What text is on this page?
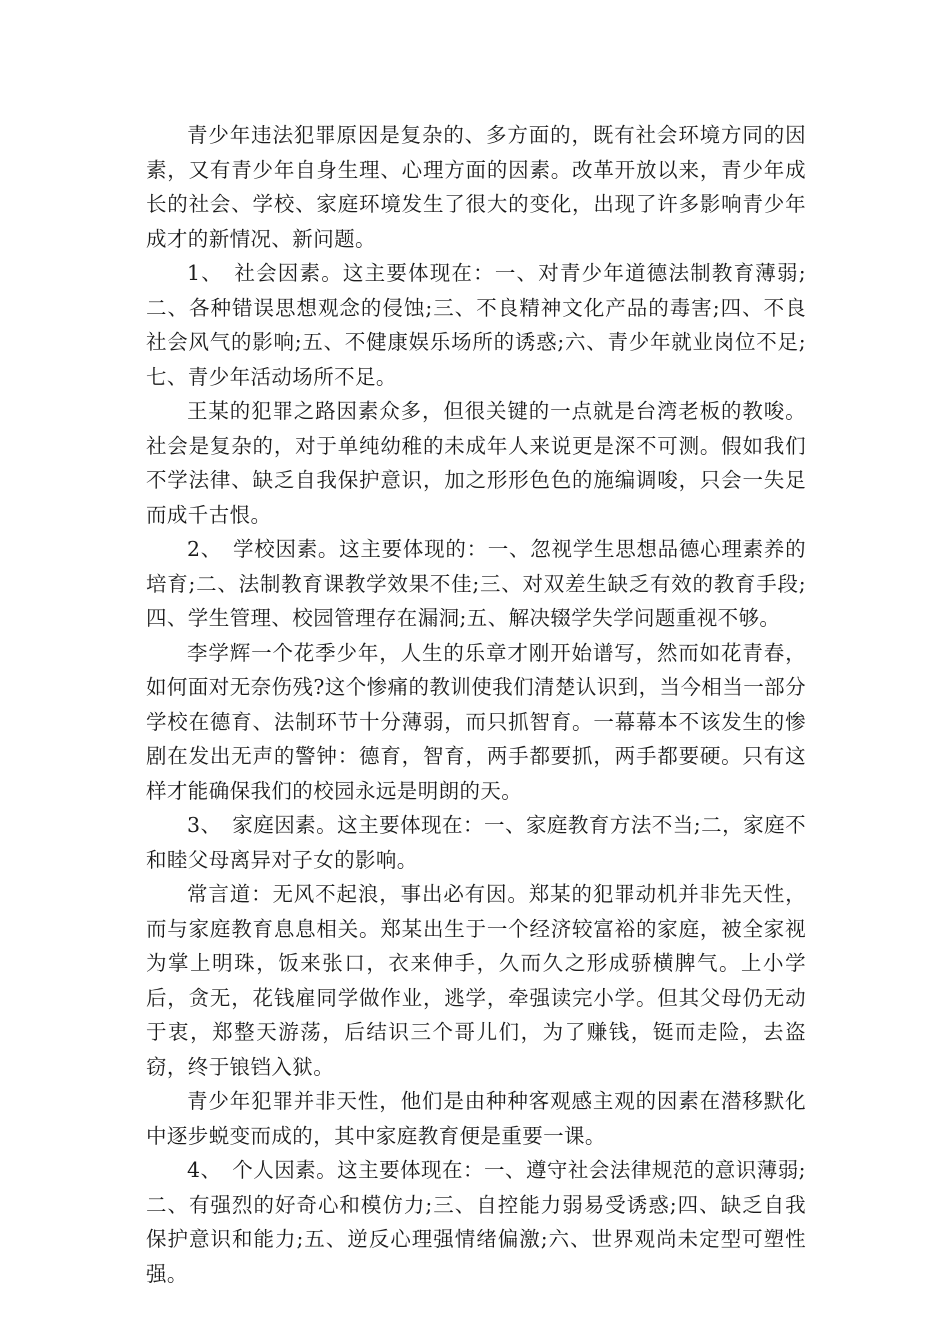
青少年违法犯罪原因是复杂的、多方面的，既有社会环境方同的因素，又有青少年自身生理、心理方面的因素。改革开放以来，青少年成长的社会、学校、家庭环境发生了很大的变化，出现了许多影响青少年成才的新情况、新问题。

1、　社会因素。这主要体现在：一、对青少年道德法制教育薄弱;二、各种错误思想观念的侵蚀;三、不良精神文化产品的毒害;四、不良社会风气的影响;五、不健康娱乐场所的诱惑;六、青少年就业岗位不足;七、青少年活动场所不足。

王某的犯罪之路因素众多，但很关键的一点就是台湾老板的教唆。社会是复杂的，对于单纯幼稚的未成年人来说更是深不可测。假如我们不学法律、缺乏自我保护意识，加之形形色色的施编调唆，只会一失足而成千古恨。

2、　学校因素。这主要体现的：一、忽视学生思想品德心理素养的培育;二、法制教育课教学效果不佳;三、对双差生缺乏有效的教育手段;四、学生管理、校园管理存在漏洞;五、解决辍学失学问题重视不够。

李学辉一个花季少年，人生的乐章才刚开始谱写，然而如花青春，如何面对无奈伤残?这个惨痛的教训使我们清楚认识到，当今相当一部分学校在德育、法制环节十分薄弱，而只抓智育。一幕幕本不该发生的惨剧在发出无声的警钟：德育，智育，两手都要抓，两手都要硬。只有这样才能确保我们的校园永远是明朗的天。

3、　家庭因素。这主要体现在：一、家庭教育方法不当;二，家庭不和睦父母离异对子女的影响。

常言道：无风不起浪，事出必有因。郑某的犯罪动机并非先天性，而与家庭教育息息相关。郑某出生于一个经济较富裕的家庭，被全家视为掌上明珠，饭来张口，衣来伸手，久而久之形成骄横脾气。上小学后，贪无，花钱雇同学做作业，逃学，牵强读完小学。但其父母仍无动于衷，郑整天游荡，后结识三个哥儿们，为了赚钱，铤而走险，去盗窃，终于锒铛入狱。

青少年犯罪并非天性，他们是由种种客观感主观的因素在潜移默化中逐步蜕变而成的，其中家庭教育便是重要一课。

4、　个人因素。这主要体现在：一、遵守社会法律规范的意识薄弱;二、有强烈的好奇心和模仿力;三、自控能力弱易受诱惑;四、缺乏自我保护意识和能力;五、逆反心理强情绪偏激;六、世界观尚未定型可塑性强。
